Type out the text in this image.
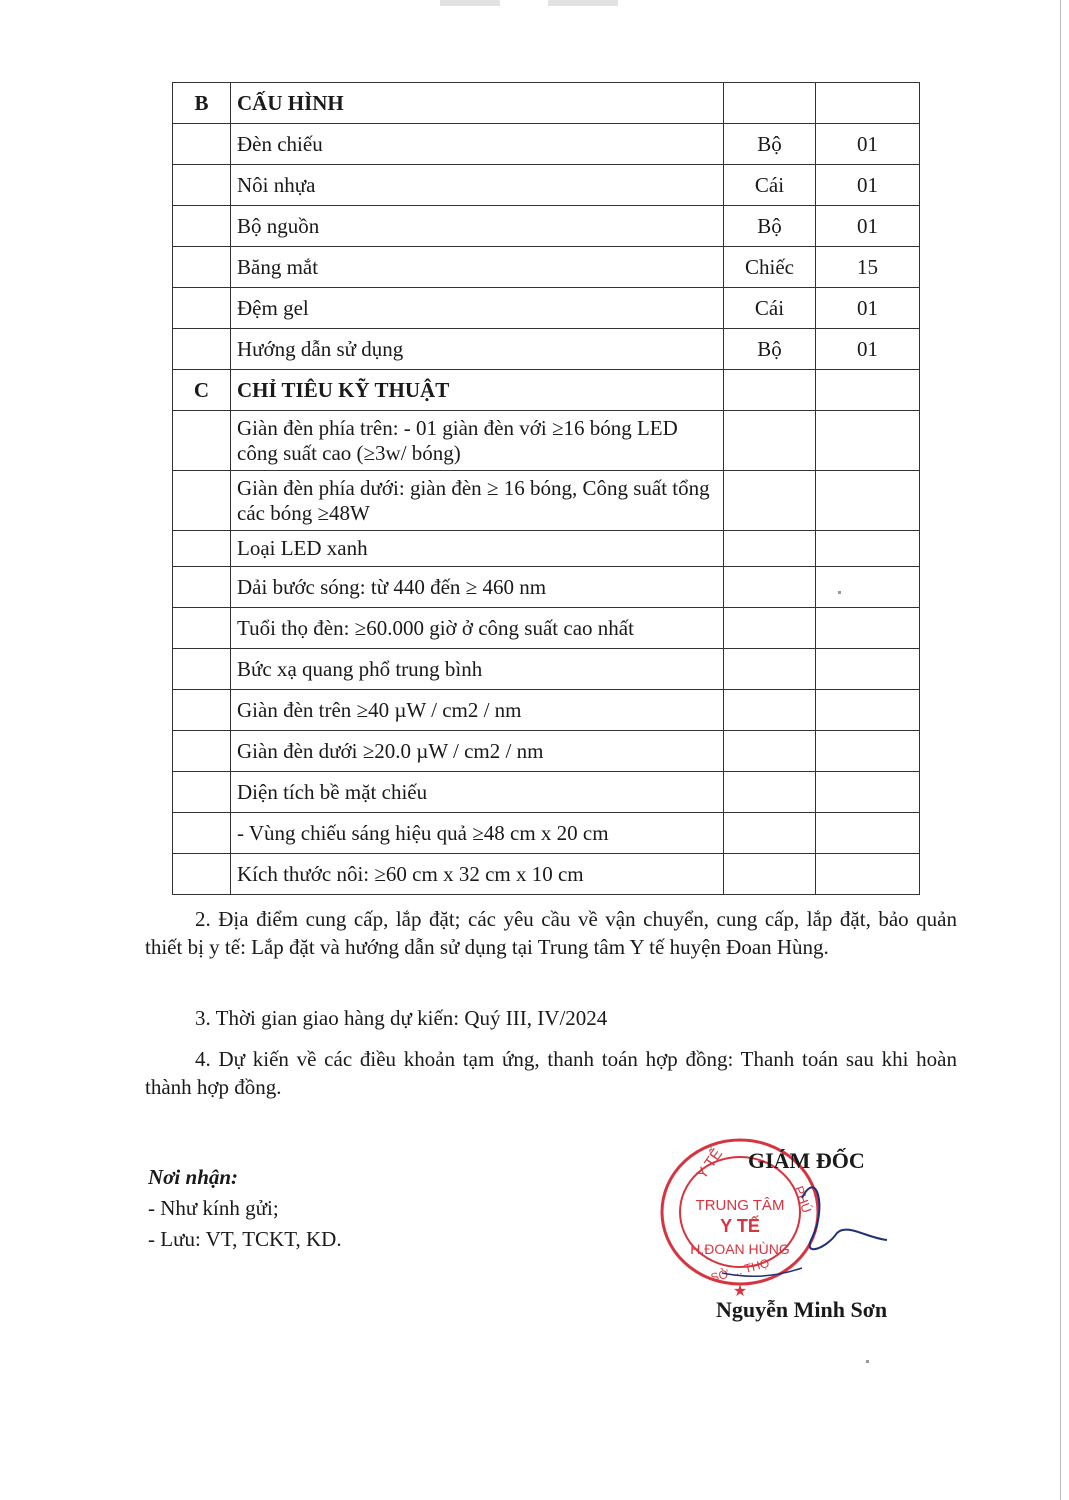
B	CẤU HÌNH		
	Đèn chiếu	Bộ	01
	Nôi nhựa	Cái	01
	Bộ nguồn	Bộ	01
	Băng mắt	Chiếc	15
	Đệm gel	Cái	01
	Hướng dẫn sử dụng	Bộ	01
C	CHỈ TIÊU KỸ THUẬT		
	Giàn đèn phía trên: - 01 giàn đèn với ≥16 bóng LED công suất cao (≥3w/ bóng)		
	Giàn đèn phía dưới: giàn đèn ≥ 16 bóng, Công suất tổng các bóng ≥48W		
	Loại LED xanh		
	Dải bước sóng: từ 440 đến ≥ 460 nm		
	Tuổi thọ đèn: ≥60.000 giờ ở công suất cao nhất		
	Bức xạ quang phổ trung bình		
	Giàn đèn trên ≥40 µW / cm2 / nm		
	Giàn đèn dưới ≥20.0 µW / cm2 / nm		
	Diện tích bề mặt chiếu		
	- Vùng chiếu sáng hiệu quả ≥48 cm x 20 cm		
	Kích thước nôi: ≥60 cm x 32 cm x 10 cm		

2. Địa điểm cung cấp, lắp đặt; các yêu cầu về vận chuyển, cung cấp, lắp đặt, bảo quản thiết bị y tế: Lắp đặt và hướng dẫn sử dụng tại Trung tâm Y tế huyện Đoan Hùng.

3. Thời gian giao hàng dự kiến: Quý III, IV/2024

4. Dự kiến về các điều khoản tạm ứng, thanh toán hợp đồng: Thanh toán sau khi hoàn thành hợp đồng.

Nơi nhận:
- Như kính gửi;
- Lưu: VT, TCKT, KD.
Y TẾ
PHÚ
SỞ ... THỌ
TRUNG TÂM
Y TẾ
H.ĐOAN HÙNG
★
GIÁM ĐỐC
Nguyễn Minh Sơn
